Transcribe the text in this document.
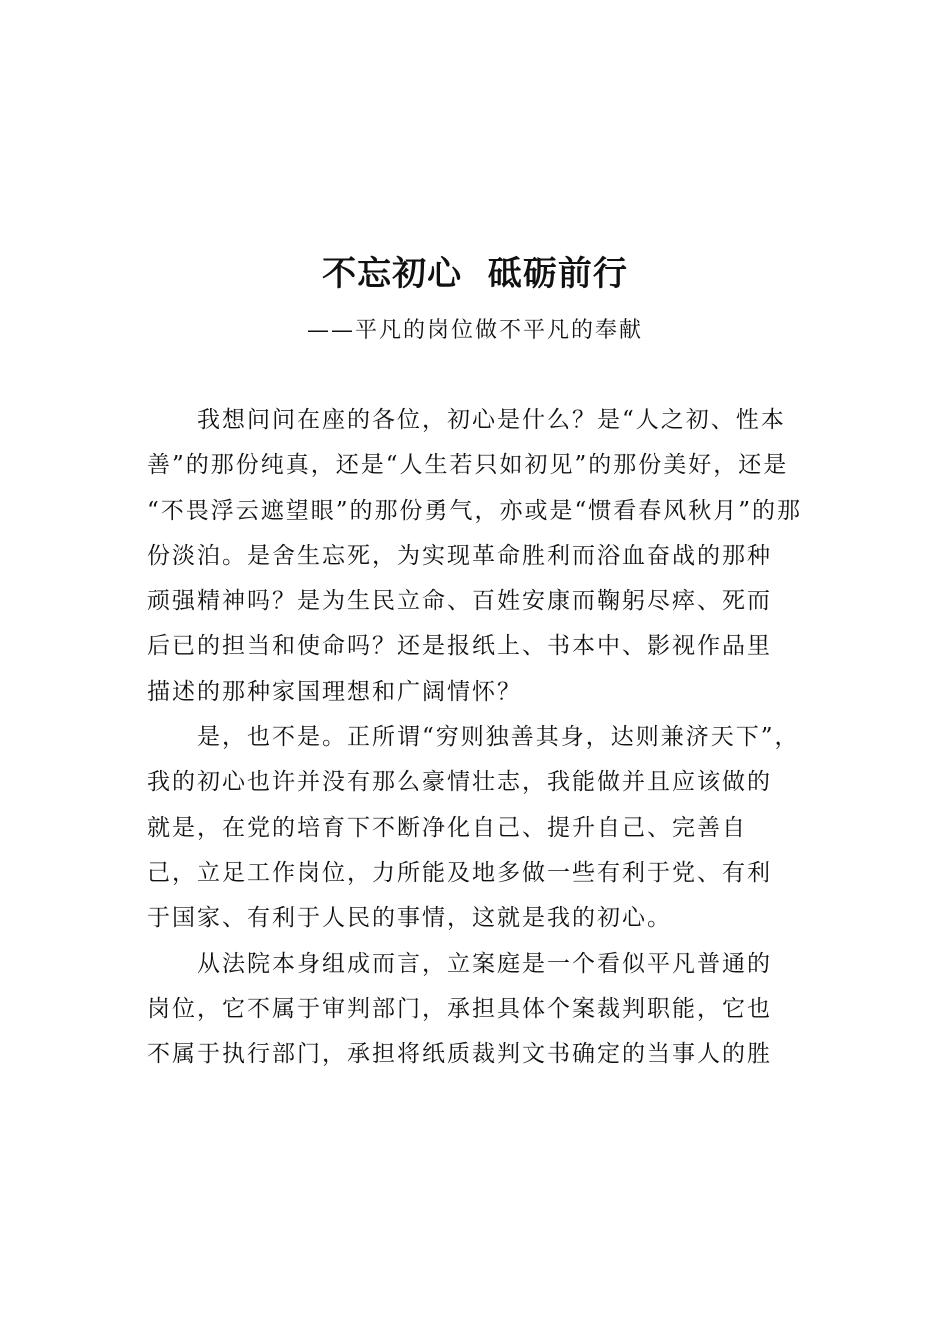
不忘初心  砥砺前行
——平凡的岗位做不平凡的奉献
我想问问在座的各位，初心是什么？是“人之初、性本
善”的那份纯真，还是“人生若只如初见”的那份美好，还是
“不畏浮云遮望眼”的那份勇气，亦或是“惯看春风秋月”的那
份淡泊。是舍生忘死，为实现革命胜利而浴血奋战的那种
顽强精神吗？是为生民立命、百姓安康而鞠躬尽瘁、死而
后已的担当和使命吗？还是报纸上、书本中、影视作品里
描述的那种家国理想和广阔情怀？
是，也不是。正所谓“穷则独善其身，达则兼济天下”，
我的初心也许并没有那么豪情壮志，我能做并且应该做的
就是，在党的培育下不断净化自己、提升自己、完善自
己，立足工作岗位，力所能及地多做一些有利于党、有利
于国家、有利于人民的事情，这就是我的初心。
从法院本身组成而言，立案庭是一个看似平凡普通的
岗位，它不属于审判部门，承担具体个案裁判职能，它也
不属于执行部门，承担将纸质裁判文书确定的当事人的胜
